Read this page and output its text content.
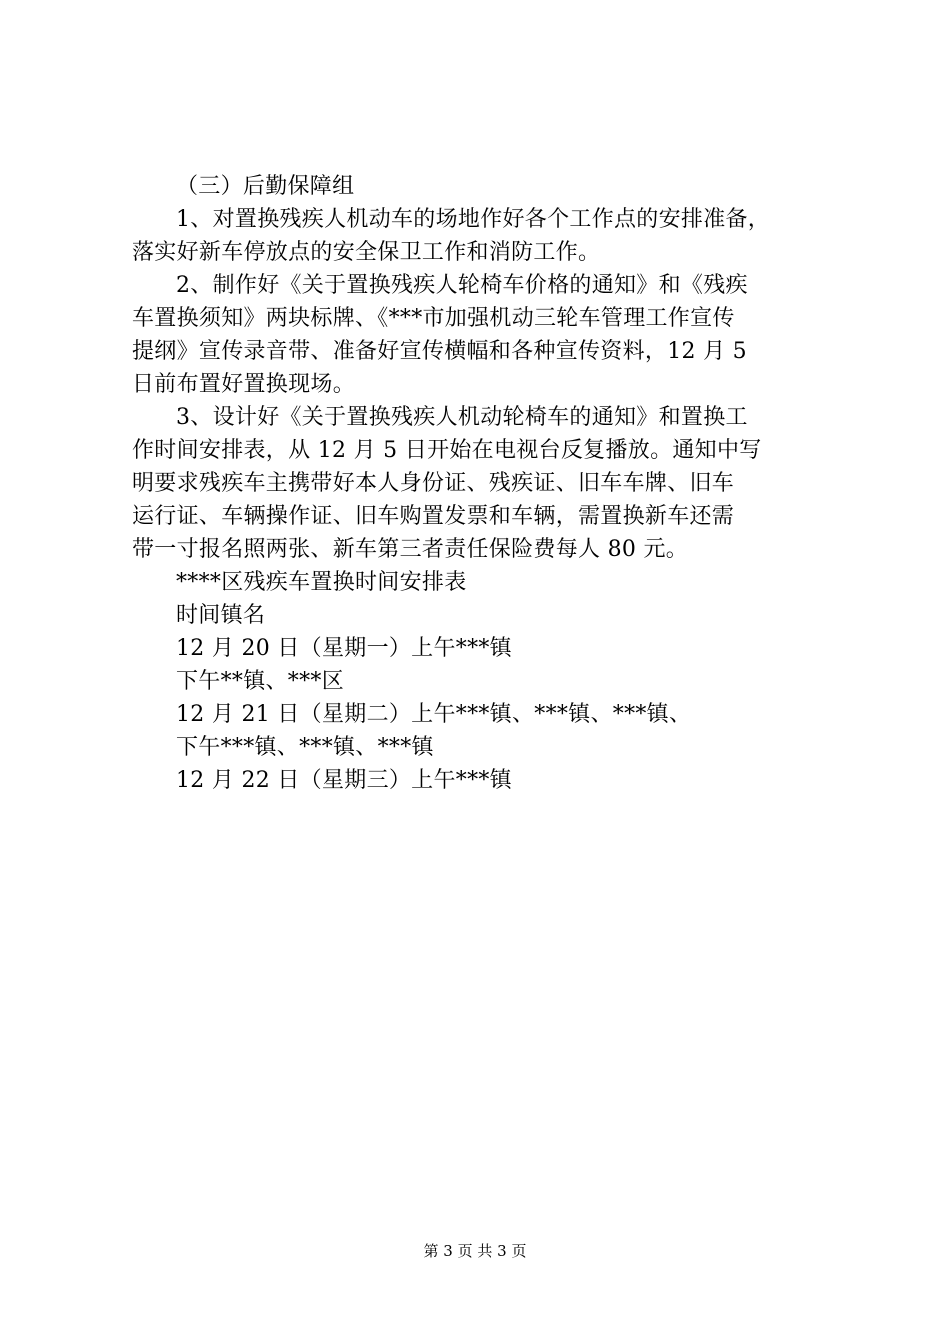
（三）后勤保障组
1、对置换残疾人机动车的场地作好各个工作点的安排准备，
落实好新车停放点的安全保卫工作和消防工作。
2、制作好《关于置换残疾人轮椅车价格的通知》和《残疾
车置换须知》两块标牌、《***市加强机动三轮车管理工作宣传
提纲》宣传录音带、准备好宣传横幅和各种宣传资料，12 月 5
日前布置好置换现场。
3、设计好《关于置换残疾人机动轮椅车的通知》和置换工
作时间安排表，从 12 月 5 日开始在电视台反复播放。通知中写
明要求残疾车主携带好本人身份证、残疾证、旧车车牌、旧车
运行证、车辆操作证、旧车购置发票和车辆，需置换新车还需
带一寸报名照两张、新车第三者责任保险费每人 80 元。
****区残疾车置换时间安排表
时间镇名
12 月 20 日（星期一）上午***镇
下午**镇、***区
12 月 21 日（星期二）上午***镇、***镇、***镇、
下午***镇、***镇、***镇
12 月 22 日（星期三）上午***镇
第 3 页 共 3 页
